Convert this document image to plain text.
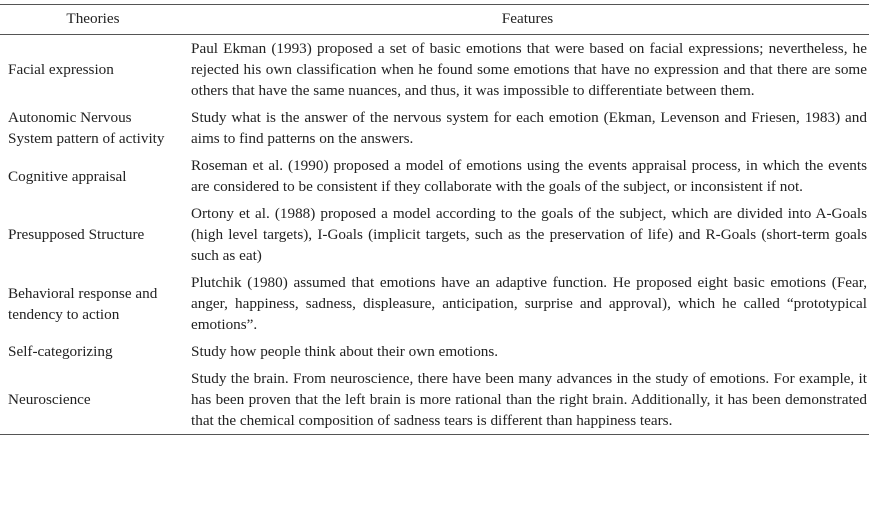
Theories	Features
Facial expression	Paul Ekman (1993) proposed a set of basic emotions that were based on facial expressions; nevertheless, he rejected his own classification when he found some emotions that have no expression and that there are some others that have the same nuances, and thus, it was impossible to differentiate between them.
Autonomic Nervous System pattern of activity	Study what is the answer of the nervous system for each emotion (Ekman, Levenson and Friesen, 1983) and aims to find patterns on the answers.
Cognitive appraisal	Roseman et al. (1990) proposed a model of emotions using the events appraisal process, in which the events are considered to be consistent if they collaborate with the goals of the subject, or inconsistent if not.
Presupposed Structure	Ortony et al. (1988) proposed a model according to the goals of the subject, which are divided into A-Goals (high level targets), I-Goals (implicit targets, such as the preservation of life) and R-Goals (short-term goals such as eat)
Behavioral response and tendency to action	Plutchik (1980) assumed that emotions have an adaptive function. He proposed eight basic emotions (Fear, anger, happiness, sadness, displeasure, anticipation, surprise and approval), which he called “prototypical emotions”.
Self-categorizing	Study how people think about their own emotions.
Neuroscience	Study the brain. From neuroscience, there have been many advances in the study of emotions. For example, it has been proven that the left brain is more rational than the right brain. Additionally, it has been demonstrated that the chemical composition of sadness tears is different than happiness tears.
